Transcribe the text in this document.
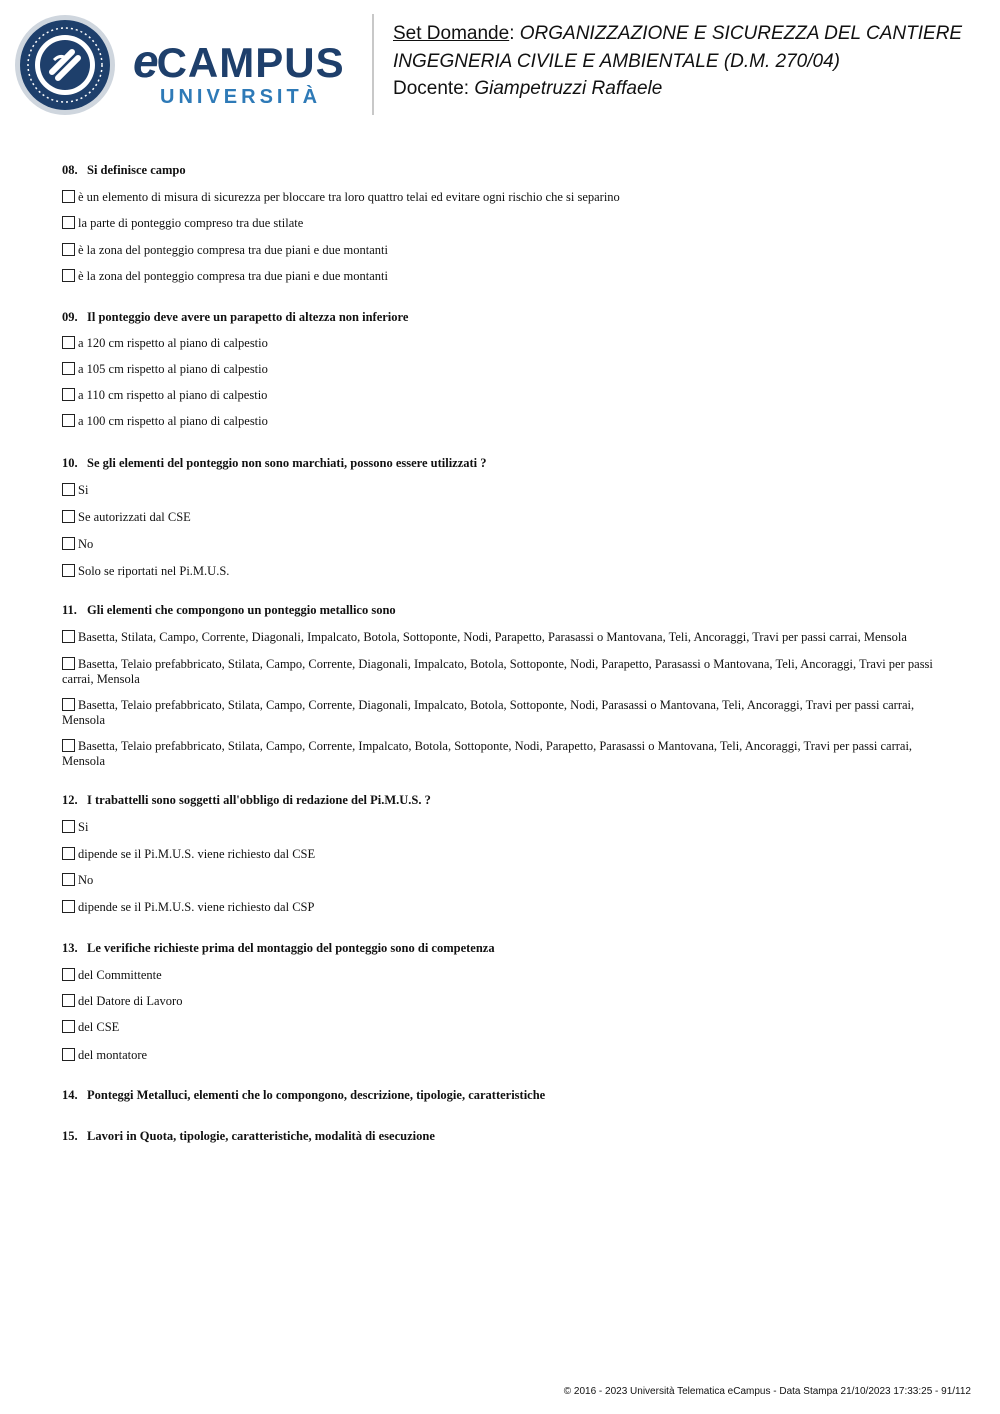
eCAMPUS
UNIVERSITÀ
Set Domande: ORGANIZZAZIONE E SICUREZZA DEL CANTIERE
INGEGNERIA CIVILE E AMBIENTALE (D.M. 270/04)
Docente: Giampetruzzi Raffaele
08. Si definisce campo
è un elemento di misura di sicurezza per bloccare tra loro quattro telai ed evitare ogni rischio che si separino
la parte di ponteggio compreso tra due stilate
è la zona del ponteggio compresa tra due piani e due montanti
è la zona del ponteggio compresa tra due piani e due montanti
09. Il ponteggio deve avere un parapetto di altezza non inferiore
a 120 cm rispetto al piano di calpestio
a 105 cm rispetto al piano di calpestio
a 110 cm rispetto al piano di calpestio
a 100 cm rispetto al piano di calpestio
10. Se gli elementi del ponteggio non sono marchiati, possono essere utilizzati ?
Si
Se autorizzati dal CSE
No
Solo se riportati nel Pi.M.U.S.
11. Gli elementi che compongono un ponteggio metallico sono
Basetta, Stilata, Campo, Corrente, Diagonali, Impalcato, Botola, Sottoponte, Nodi, Parapetto, Parasassi o Mantovana, Teli, Ancoraggi, Travi per passi carrai, Mensola
Basetta, Telaio prefabbricato, Stilata, Campo, Corrente, Diagonali, Impalcato, Botola, Sottoponte, Nodi, Parapetto, Parasassi o Mantovana, Teli, Ancoraggi, Travi per passi carrai, Mensola
Basetta, Telaio prefabbricato, Stilata, Campo, Corrente, Diagonali, Impalcato, Botola, Sottoponte, Nodi, Parasassi o Mantovana, Teli, Ancoraggi, Travi per passi carrai, Mensola
Basetta, Telaio prefabbricato, Stilata, Campo, Corrente, Impalcato, Botola, Sottoponte, Nodi, Parapetto, Parasassi o Mantovana, Teli, Ancoraggi, Travi per passi carrai, Mensola
12. I trabattelli sono soggetti all'obbligo di redazione del Pi.M.U.S. ?
Si
dipende se il Pi.M.U.S. viene richiesto dal CSE
No
dipende se il Pi.M.U.S. viene richiesto dal CSP
13. Le verifiche richieste prima del montaggio del ponteggio sono di competenza
del Committente
del Datore di Lavoro
del CSE
del montatore
14. Ponteggi Metalluci, elementi che lo compongono, descrizione, tipologie, caratteristiche
15. Lavori in Quota, tipologie, caratteristiche, modalità di esecuzione
© 2016 - 2023 Università Telematica eCampus - Data Stampa 21/10/2023 17:33:25 - 91/112
